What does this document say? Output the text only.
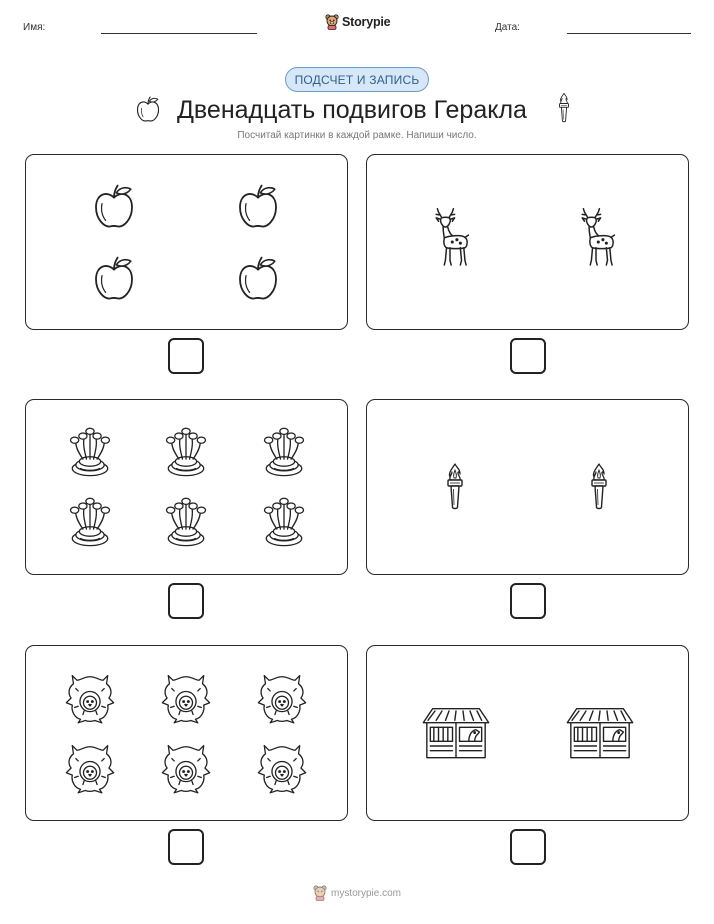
Имя:	Storypie	Дата:
ПОДСЧЕТ И ЗАПИСЬ
Двенадцать подвигов Геракла
Посчитай картинки в каждой рамке. Напиши число.
mystorypie.com
